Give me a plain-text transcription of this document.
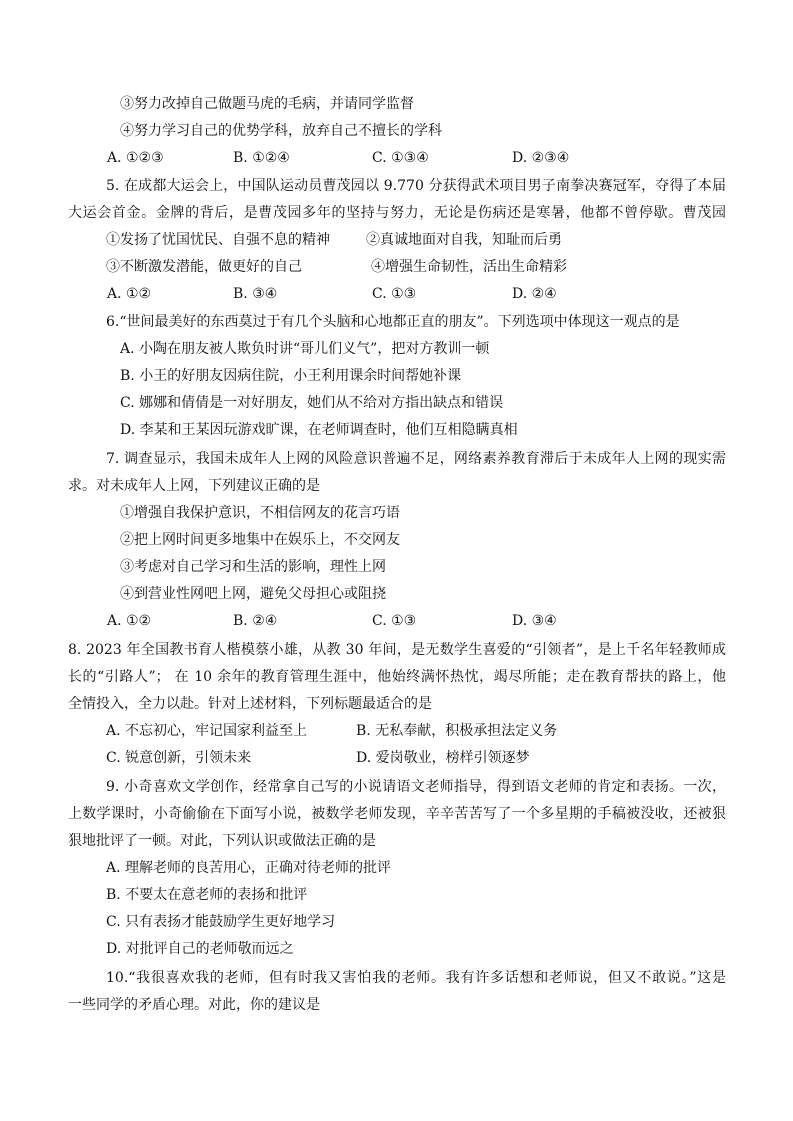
③努力改掉自己做题马虎的毛病，并请同学监督
④努力学习自己的优势学科，放弃自己不擅长的学科
A. ①②③	B. ①②④	C. ①③④	D. ②③④
5. 在成都大运会上，中国队运动员曹茂园以 9.770 分获得武术项目男子南拳决赛冠军，夺得了本届
大运会首金。金牌的背后，是曹茂园多年的坚持与努力，无论是伤病还是寒暑，他都不曾停歇。曹茂园
①发扬了忧国忧民、自强不息的精神	②真诚地面对自我，知耻而后勇
③不断激发潜能，做更好的自己	④增强生命韧性，活出生命精彩
A. ①②	B. ③④	C. ①③	D. ②④
6.“世间最美好的东西莫过于有几个头脑和心地都正直的朋友”。下列选项中体现这一观点的是
A. 小陶在朋友被人欺负时讲“哥儿们义气”，把对方教训一顿
B. 小王的好朋友因病住院，小王利用课余时间帮她补课
C. 娜娜和倩倩是一对好朋友，她们从不给对方指出缺点和错误
D. 李某和王某因玩游戏旷课，在老师调查时，他们互相隐瞒真相
7. 调查显示，我国未成年人上网的风险意识普遍不足，网络素养教育滞后于未成年人上网的现实需
求。对未成年人上网，下列建议正确的是
①增强自我保护意识，不相信网友的花言巧语
②把上网时间更多地集中在娱乐上，不交网友
③考虑对自己学习和生活的影响，理性上网
④到营业性网吧上网，避免父母担心或阻挠
A. ①②	B. ②④	C. ①③	D. ③④
8. 2023 年全国教书育人楷模蔡小雄，从教 30 年间，是无数学生喜爱的“引领者”，是上千名年轻教师成
长的“引路人”； 在 10 余年的教育管理生涯中，他始终满怀热忱，竭尽所能；走在教育帮扶的路上，他
全情投入，全力以赴。针对上述材料，下列标题最适合的是
A. 不忘初心，牢记国家利益至上	B. 无私奉献，积极承担法定义务
C. 锐意创新，引领未来	D. 爱岗敬业，榜样引领逐梦
9. 小奇喜欢文学创作，经常拿自己写的小说请语文老师指导，得到语文老师的肯定和表扬。一次，
上数学课时，小奇偷偷在下面写小说，被数学老师发现，辛辛苦苦写了一个多星期的手稿被没收，还被狠
狠地批评了一顿。对此，下列认识或做法正确的是
A. 理解老师的良苦用心，正确对待老师的批评
B. 不要太在意老师的表扬和批评
C. 只有表扬才能鼓励学生更好地学习
D. 对批评自己的老师敬而远之
10.“我很喜欢我的老师，但有时我又害怕我的老师。我有许多话想和老师说，但又不敢说。”这是
一些同学的矛盾心理。对此，你的建议是
